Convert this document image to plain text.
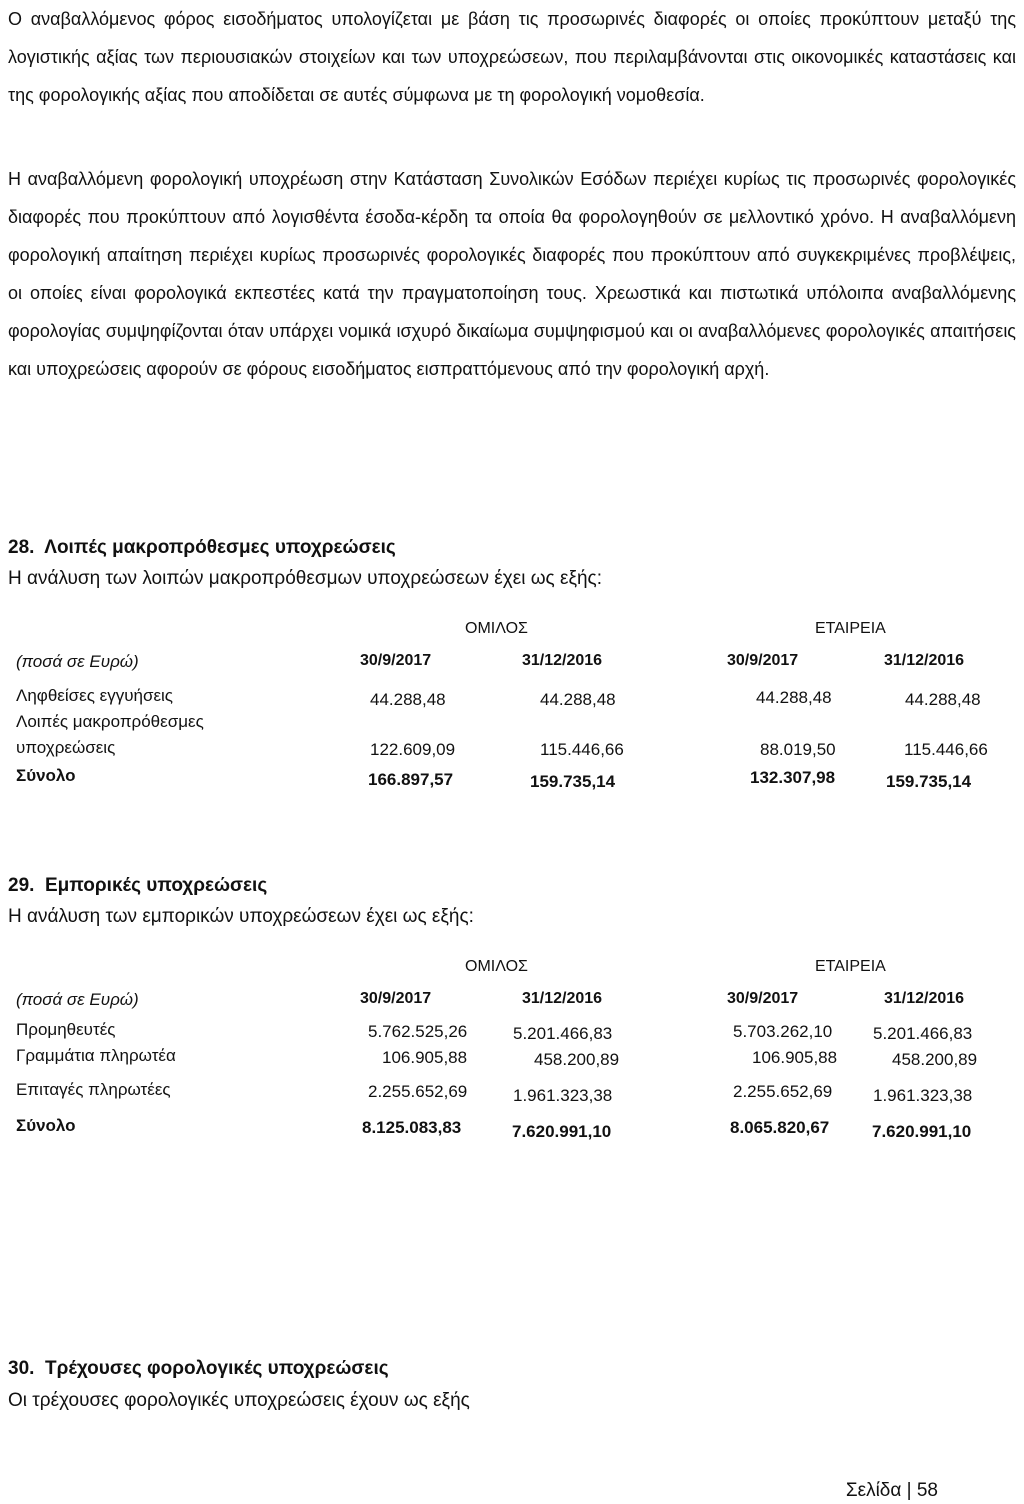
Ο αναβαλλόμενος φόρος εισοδήματος υπολογίζεται με βάση τις προσωρινές διαφορές οι οποίες προκύπτουν μεταξύ της λογιστικής αξίας των περιουσιακών στοιχείων και των υποχρεώσεων, που περιλαμβάνονται στις οικονομικές καταστάσεις και της φορολογικής αξίας που αποδίδεται σε αυτές σύμφωνα με τη φορολογική νομοθεσία.

Η αναβαλλόμενη φορολογική υποχρέωση στην Κατάσταση Συνολικών Εσόδων περιέχει κυρίως τις προσωρινές φορολογικές διαφορές που προκύπτουν από λογισθέντα έσοδα-κέρδη τα οποία θα φορολογηθούν σε μελλοντικό χρόνο. Η αναβαλλόμενη φορολογική απαίτηση περιέχει κυρίως προσωρινές φορολογικές διαφορές που προκύπτουν από συγκεκριμένες προβλέψεις, οι οποίες είναι φορολογικά εκπεστέες κατά την πραγματοποίηση τους. Χρεωστικά και πιστωτικά υπόλοιπα αναβαλλόμενης φορολογίας συμψηφίζονται όταν υπάρχει νομικά ισχυρό δικαίωμα συμψηφισμού και οι αναβαλλόμενες φορολογικές απαιτήσεις και υποχρεώσεις αφορούν σε φόρους εισοδήματος εισπραττόμενους από την φορολογική αρχή.

28. Λοιπές μακροπρόθεσμες υποχρεώσεις

Η ανάλυση των λοιπών μακροπρόθεσμων υποχρεώσεων έχει ως εξής:

ΟΜΙΛΟΣ	ΕΤΑΙΡΕΙΑ
(ποσά σε Ευρώ)	30/9/2017	31/12/2016	30/9/2017	31/12/2016
Ληφθείσες εγγυήσεις	44.288,48	44.288,48	44.288,48	44.288,48
Λοιπές μακροπρόθεσμες
υποχρεώσεις	122.609,09	115.446,66	88.019,50	115.446,66
Σύνολο	166.897,57	159.735,14	132.307,98	159.735,14
29. Εμπορικές υποχρεώσεις

Η ανάλυση των εμπορικών υποχρεώσεων έχει ως εξής:

ΟΜΙΛΟΣ	ΕΤΑΙΡΕΙΑ
(ποσά σε Ευρώ)	30/9/2017	31/12/2016	30/9/2017	31/12/2016
Προμηθευτές	5.762.525,26	5.201.466,83	5.703.262,10 5.201.466,83
Γραμμάτια πληρωτέα	106.905,88	458.200,89	106.905,88	458.200,89
Επιταγές πληρωτέες	2.255.652,69	1.961.323,38	2.255.652,69 1.961.323,38
Σύνολο	8.125.083,83	7.620.991,10	8.065.820,67	7.620.991,10
30. Τρέχουσες φορολογικές υποχρεώσεις

Οι τρέχουσες φορολογικές υποχρεώσεις έχουν ως εξής

Σελίδα | 58
